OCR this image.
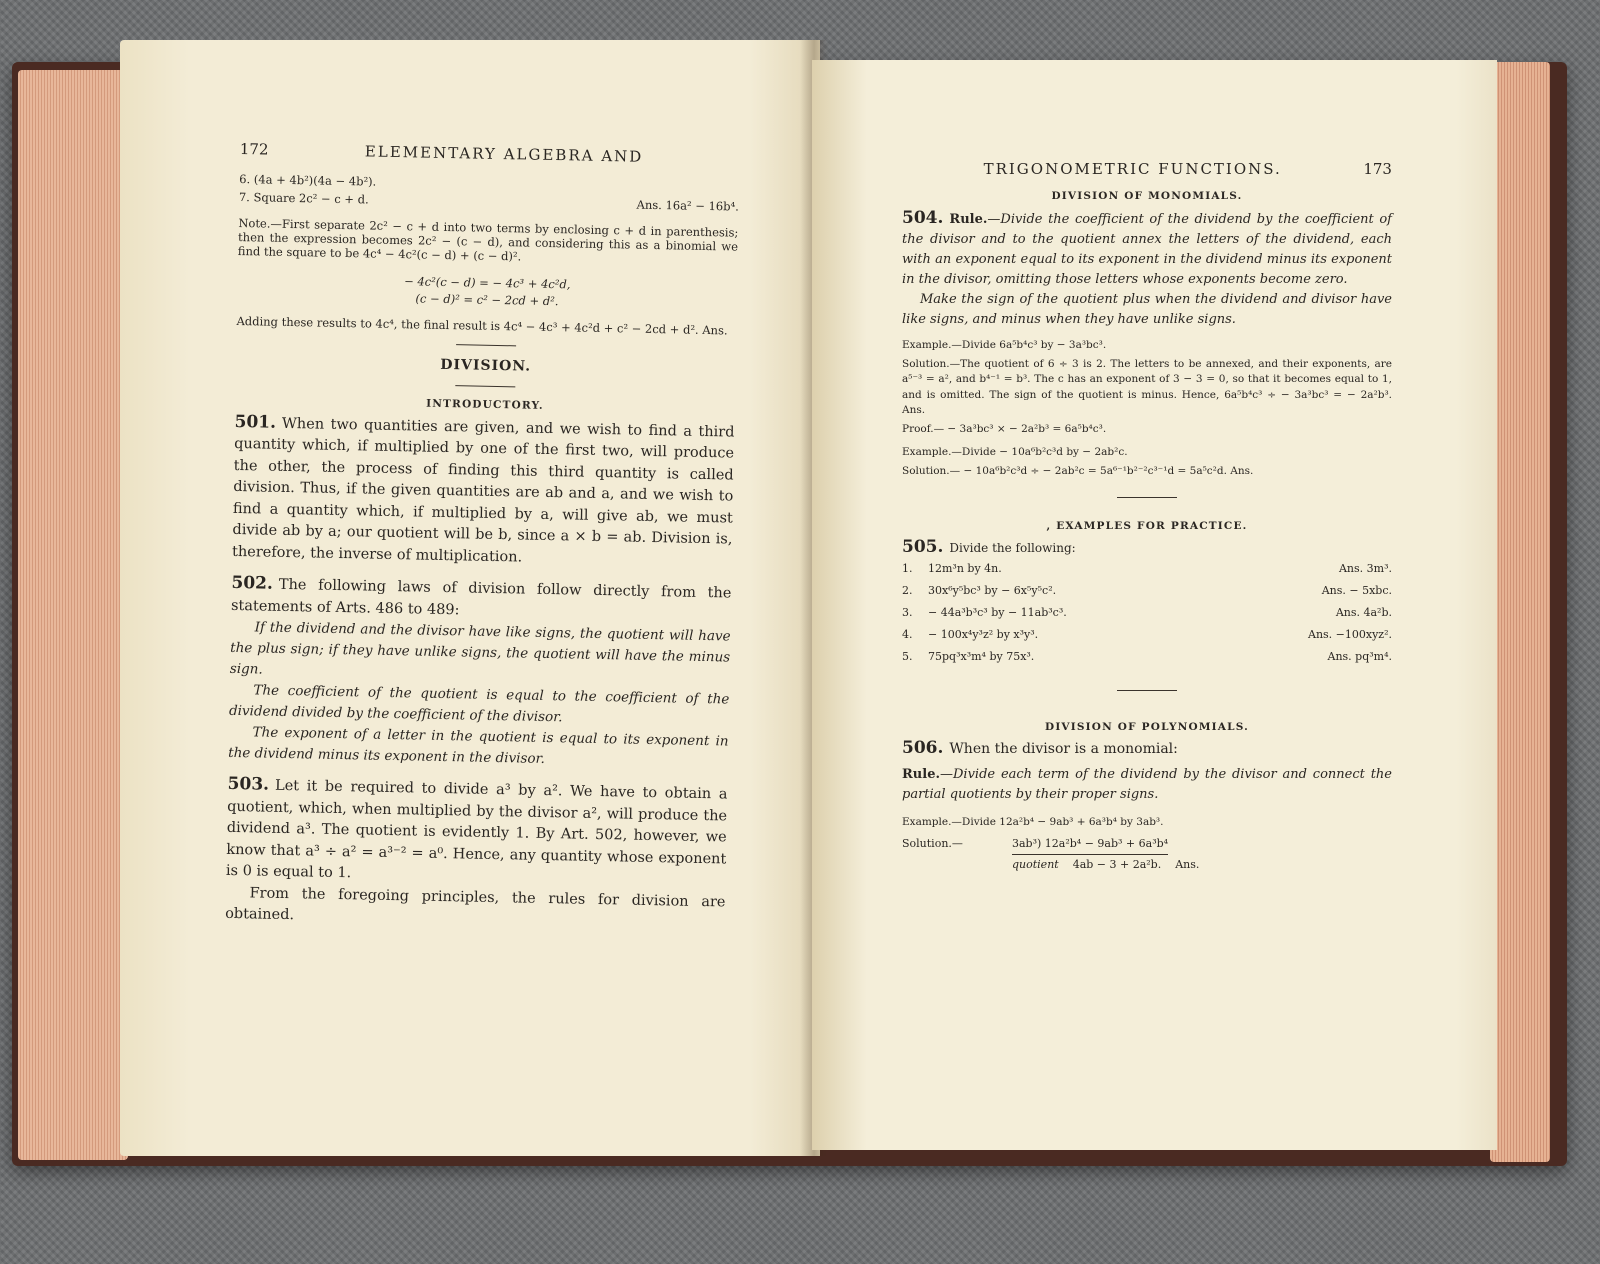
172	ELEMENTARY ALGEBRA AND
6. (4a + 4b²)(4a − 4b²).
7. Square 2c² − c + d.	Ans. 16a² − 16b⁴.

Note.—First separate 2c² − c + d into two terms by enclosing c + d in parenthesis; then the expression becomes 2c² − (c − d), and considering this as a binomial we find the square to be 4c⁴ − 4c²(c − d) + (c − d)².

− 4c²(c − d) = − 4c³ + 4c²d,
(c − d)² = c² − 2cd + d².

Adding these results to 4c⁴, the final result is 4c⁴ − 4c³ + 4c²d + c² − 2cd + d². Ans.

DIVISION.
INTRODUCTORY.

501. When two quantities are given, and we wish to find a third quantity which, if multiplied by one of the first two, will produce the other, the process of finding this third quantity is called division. Thus, if the given quantities are ab and a, and we wish to find a quantity which, if multiplied by a, will give ab, we must divide ab by a; our quotient will be b, since a × b = ab. Division is, therefore, the inverse of multiplication.

502. The following laws of division follow directly from the statements of Arts. 486 to 489:

If the dividend and the divisor have like signs, the quotient will have the plus sign; if they have unlike signs, the quotient will have the minus sign.

The coefficient of the quotient is equal to the coefficient of the dividend divided by the coefficient of the divisor.

The exponent of a letter in the quotient is equal to its exponent in the dividend minus its exponent in the divisor.

503. Let it be required to divide a³ by a². We have to obtain a quotient, which, when multiplied by the divisor a², will produce the dividend a³. The quotient is evidently 1. By Art. 502, however, we know that a³ ÷ a² = a³⁻² = a⁰. Hence, any quantity whose exponent is 0 is equal to 1.

From the foregoing principles, the rules for division are obtained.

TRIGONOMETRIC FUNCTIONS.	173
DIVISION OF MONOMIALS.

504. Rule.—Divide the coefficient of the dividend by the coefficient of the divisor and to the quotient annex the letters of the dividend, each with an exponent equal to its exponent in the dividend minus its exponent in the divisor, omitting those letters whose exponents become zero.

Make the sign of the quotient plus when the dividend and divisor have like signs, and minus when they have unlike signs.

Example.—Divide 6a⁵b⁴c³ by − 3a³bc³.

Solution.—The quotient of 6 ÷ 3 is 2. The letters to be annexed, and their exponents, are a⁵⁻³ = a², and b⁴⁻¹ = b³. The c has an exponent of 3 − 3 = 0, so that it becomes equal to 1, and is omitted. The sign of the quotient is minus. Hence, 6a⁵b⁴c³ ÷ − 3a³bc³ = − 2a²b³. Ans.

Proof.— − 3a³bc³ × − 2a²b³ = 6a⁵b⁴c³.

Example.—Divide − 10a⁶b²c³d by − 2ab²c.

Solution.— − 10a⁶b²c³d ÷ − 2ab²c = 5a⁶⁻¹b²⁻²c³⁻¹d = 5a⁵c²d. Ans.

, EXAMPLES FOR PRACTICE.

505. Divide the following:

1. 12m³n by 4n.	Ans. 3m³.
2. 30x⁶y⁵bc³ by − 6x⁵y⁵c².	Ans. − 5xbc.
3. − 44a³b³c³ by − 11ab³c³.	Ans. 4a²b.
4. − 100x⁴y³z² by x³y³.	Ans. −100xyz².
5. 75pq³x³m⁴ by 75x³.	Ans. pq³m⁴.
DIVISION OF POLYNOMIALS.

506. When the divisor is a monomial:

Rule.—Divide each term of the dividend by the divisor and connect the partial quotients by their proper signs.

Example.—Divide 12a²b⁴ − 9ab³ + 6a³b⁴ by 3ab³.

Solution.—	3ab³) 12a²b⁴ − 9ab³ + 6a³b⁴
quotient 4ab − 3 + 2a²b. Ans.
